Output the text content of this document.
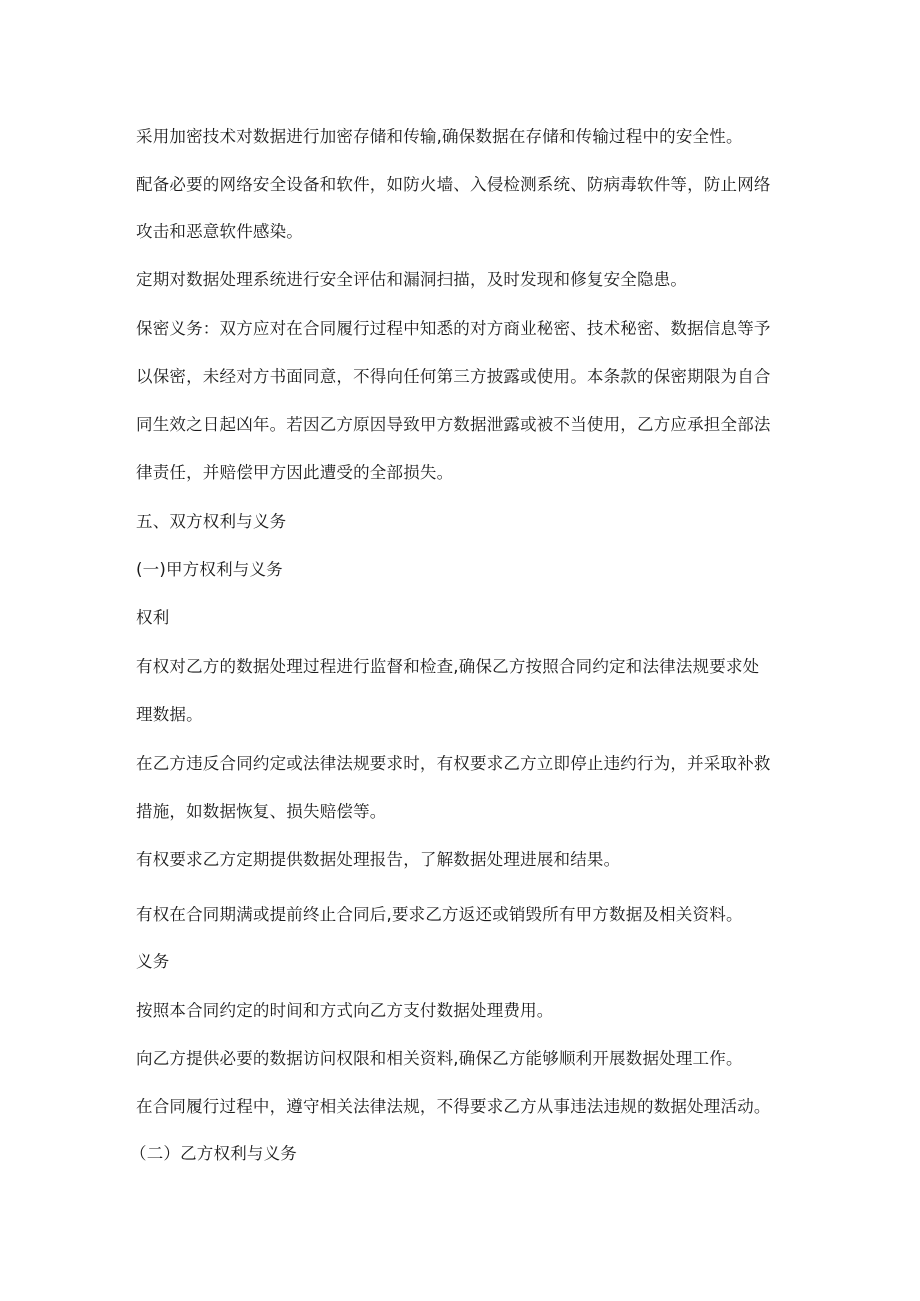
采用加密技术对数据进行加密存储和传输,确保数据在存储和传输过程中的安全性。
配备必要的网络安全设备和软件，如防火墙、入侵检测系统、防病毒软件等，防止网络
攻击和恶意软件感染。
定期对数据处理系统进行安全评估和漏洞扫描，及时发现和修复安全隐患。
保密义务：双方应对在合同履行过程中知悉的对方商业秘密、技术秘密、数据信息等予
以保密，未经对方书面同意，不得向任何第三方披露或使用。本条款的保密期限为自合
同生效之日起凶年。若因乙方原因导致甲方数据泄露或被不当使用，乙方应承担全部法
律责任，并赔偿甲方因此遭受的全部损失。
五、双方权利与义务
(一)甲方权利与义务
权利
有权对乙方的数据处理过程进行监督和检查,确保乙方按照合同约定和法律法规要求处
理数据。
在乙方违反合同约定或法律法规要求时，有权要求乙方立即停止违约行为，并采取补救
措施，如数据恢复、损失赔偿等。
有权要求乙方定期提供数据处理报告，了解数据处理进展和结果。
有权在合同期满或提前终止合同后,要求乙方返还或销毁所有甲方数据及相关资料。
义务
按照本合同约定的时间和方式向乙方支付数据处理费用。
向乙方提供必要的数据访问权限和相关资料,确保乙方能够顺利开展数据处理工作。
在合同履行过程中，遵守相关法律法规，不得要求乙方从事违法违规的数据处理活动。
（二）乙方权利与义务
